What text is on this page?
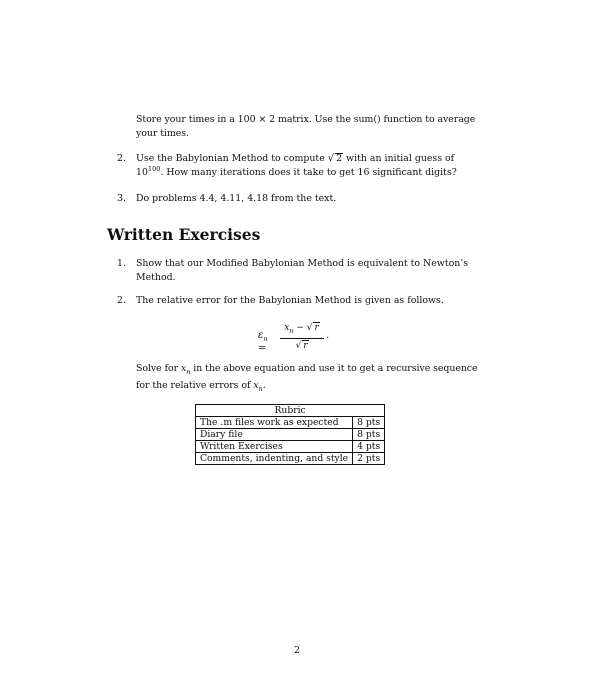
Store your times in a 100 × 2 matrix. Use the sum() function to average
your times.
2. Use the Babylonian Method to compute √ 2 with an initial guess of
$10^{100}$. How many iterations does it take to get 16 significant digits?
3. Do problems 4.4, 4.11, 4.18 from the text.
Written Exercises
1. Show that our Modified Babylonian Method is equivalent to Newton’s
Method.
2. The relative error for the Babylonian Method is given as follows.
$\varepsilon_n$ =
$x_n$ − √ r
√ r
.
Solve for $x_n$ in the above equation and use it to get a recursive sequence
for the relative errors of $x_n$.
Rubric	
The .m files work as expected	8 pts
Diary file	8 pts
Written Exercises	4 pts
Comments, indenting, and style	2 pts
2
